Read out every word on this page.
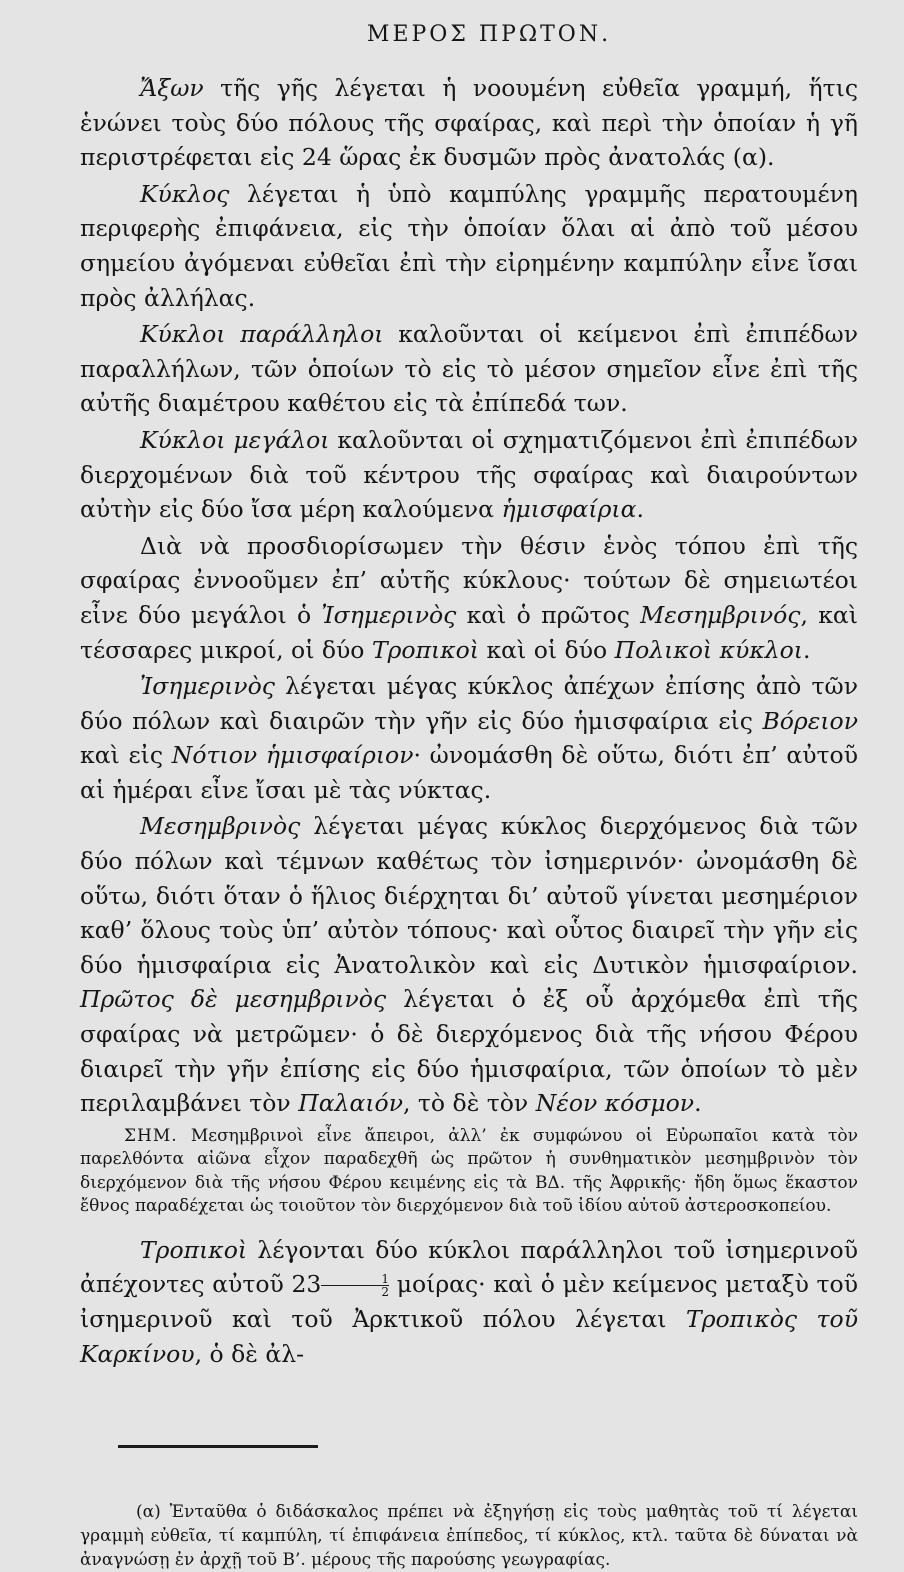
ΜΕΡΟΣ ΠΡΩΤΟΝ.

Ἄξων τῆς γῆς λέγεται ἡ νοουμένη εὐθεῖα γραμμή, ἥτις ἑνώνει τοὺς δύο πόλους τῆς σφαίρας, καὶ περὶ τὴν ὁποίαν ἡ γῆ περιστρέφεται εἰς 24 ὥρας ἐκ δυσμῶν πρὸς ἀνατολάς (α).

Κύκλος λέγεται ἡ ὑπὸ καμπύλης γραμμῆς περατουμένη περιφερὴς ἐπιφάνεια, εἰς τὴν ὁποίαν ὅλαι αἱ ἀπὸ τοῦ μέσου σημείου ἀγόμεναι εὐθεῖαι ἐπὶ τὴν εἰρημένην καμπύλην εἶνε ἴσαι πρὸς ἀλλήλας.

Κύκλοι παράλληλοι καλοῦνται οἱ κείμενοι ἐπὶ ἐπιπέδων παραλλήλων, τῶν ὁποίων τὸ εἰς τὸ μέσον σημεῖον εἶνε ἐπὶ τῆς αὐτῆς διαμέτρου καθέτου εἰς τὰ ἐπίπεδά των.

Κύκλοι μεγάλοι καλοῦνται οἱ σχηματιζόμενοι ἐπὶ ἐπιπέδων διερχομένων διὰ τοῦ κέντρου τῆς σφαίρας καὶ διαιρούντων αὐτὴν εἰς δύο ἴσα μέρη καλούμενα ἡμισφαίρια.

Διὰ νὰ προσδιορίσωμεν τὴν θέσιν ἑνὸς τόπου ἐπὶ τῆς σφαίρας ἐννοοῦμεν ἐπ’ αὐτῆς κύκλους· τούτων δὲ σημειωτέοι εἶνε δύο μεγάλοι ὁ Ἰσημερινὸς καὶ ὁ πρῶτος Μεσημβρινός, καὶ τέσσαρες μικροί, οἱ δύο Τροπικοὶ καὶ οἱ δύο Πολικοὶ κύκλοι.

Ἰσημερινὸς λέγεται μέγας κύκλος ἀπέχων ἐπίσης ἀπὸ τῶν δύο πόλων καὶ διαιρῶν τὴν γῆν εἰς δύο ἡμισφαίρια εἰς Βόρειον καὶ εἰς Νότιον ἡμισφαίριον· ὠνομάσθη δὲ οὕτω, διότι ἐπ’ αὐτοῦ αἱ ἡμέραι εἶνε ἴσαι μὲ τὰς νύκτας.

Μεσημβρινὸς λέγεται μέγας κύκλος διερχόμενος διὰ τῶν δύο πόλων καὶ τέμνων καθέτως τὸν ἰσημερινόν· ὠνομάσθη δὲ οὕτω, διότι ὅταν ὁ ἥλιος διέρχηται δι’ αὐτοῦ γίνεται μεσημέριον καθ’ ὅλους τοὺς ὑπ’ αὐτὸν τόπους· καὶ οὗτος διαιρεῖ τὴν γῆν εἰς δύο ἡμισφαίρια εἰς Ἀνατολικὸν καὶ εἰς Δυτικὸν ἡμισφαίριον. Πρῶτος δὲ μεσημβρινὸς λέγεται ὁ ἐξ οὗ ἀρχόμεθα ἐπὶ τῆς σφαίρας νὰ μετρῶμεν· ὁ δὲ διερχόμενος διὰ τῆς νήσου Φέρου διαιρεῖ τὴν γῆν ἐπίσης εἰς δύο ἡμισφαίρια, τῶν ὁποίων τὸ μὲν περιλαμβάνει τὸν Παλαιόν, τὸ δὲ τὸν Νέον κόσμον.

ΣΗΜ. Μεσημβρινοὶ εἶνε ἄπειροι, ἀλλ’ ἐκ συμφώνου οἱ Εὐρωπαῖοι κατὰ τὸν παρελθόντα αἰῶνα εἶχον παραδεχθῆ ὡς πρῶτον ἡ συνθηματικὸν μεσημβρινὸν τὸν διερχόμενον διὰ τῆς νήσου Φέρου κειμένης εἰς τὰ ΒΔ. τῆς Ἀφρικῆς· ἤδη ὅμως ἕκαστον ἔθνος παραδέχεται ὡς τοιοῦτον τὸν διερχόμενον διὰ τοῦ ἰδίου αὐτοῦ ἀστεροσκοπείου.

Τροπικοὶ λέγονται δύο κύκλοι παράλληλοι τοῦ ἰσημερινοῦ ἀπέχοντες αὐτοῦ $23 \frac{1}{2} \mu oί\rho\alpha\varsigma\cdot$ καὶ ὁ μὲν κείμενος μεταξὺ τοῦ ἰσημερινοῦ καὶ τοῦ Ἀρκτικοῦ πόλου λέγεται Τροπικὸς τοῦ Καρκίνου, ὁ δὲ ἀλ-

(α) Ἐνταῦθα ὁ διδάσκαλος πρέπει νὰ ἐξηγήσῃ εἰς τοὺς μαθητὰς τοῦ τί λέγεται γραμμὴ εὐθεῖα, τί καμπύλη, τί ἐπιφάνεια ἐπίπεδος, τί κύκλος, κτλ. ταῦτα δὲ δύναται νὰ ἀναγνώσῃ ἐν ἀρχῇ τοῦ Β’. μέρους τῆς παρούσης γεωγραφίας.
